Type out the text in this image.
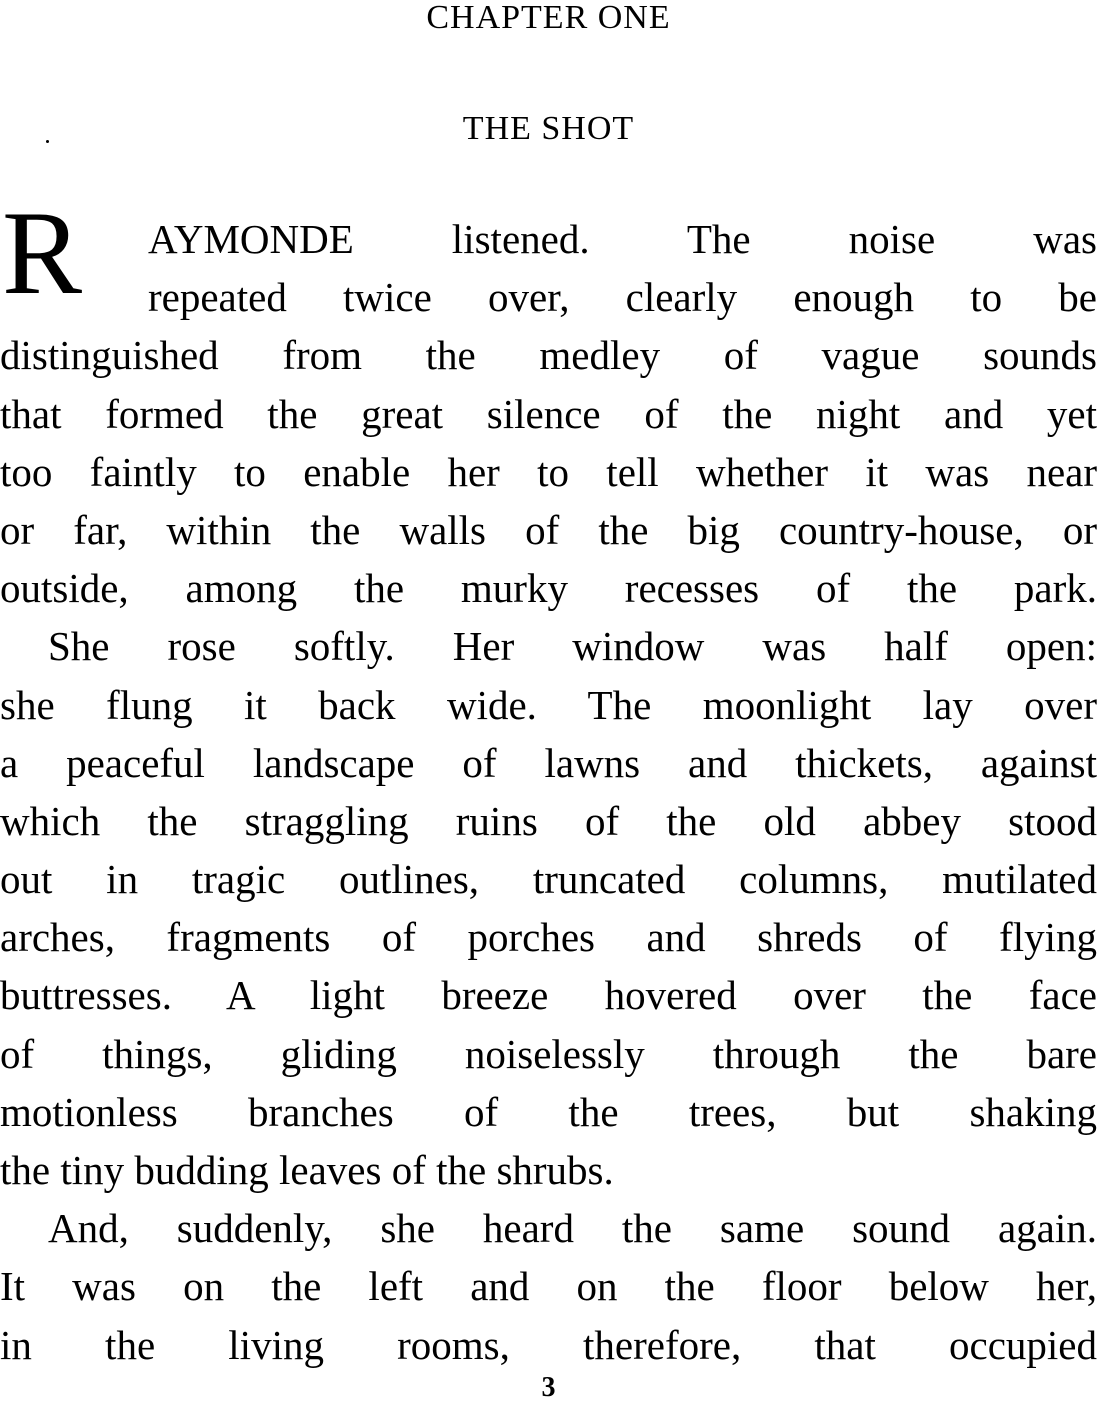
CHAPTER ONE
THE SHOT
R	AYMONDE listened. The noise was
repeated twice over, clearly enough to be
distinguished from the medley of vague sounds
that formed the great silence of the night and yet
too faintly to enable her to tell whether it was near
or far, within the walls of the big country-house, or
outside, among the murky recesses of the park.

She rose softly. Her window was half open:
she flung it back wide. The moonlight lay over
a peaceful landscape of lawns and thickets, against
which the straggling ruins of the old abbey stood
out in tragic outlines, truncated columns, mutilated
arches, fragments of porches and shreds of flying
buttresses. A light breeze hovered over the face
of things, gliding noiselessly through the bare
motionless branches of the trees, but shaking
the tiny budding leaves of the shrubs.

And, suddenly, she heard the same sound again.
It was on the left and on the floor below her,
in the living rooms, therefore, that occupied

3
